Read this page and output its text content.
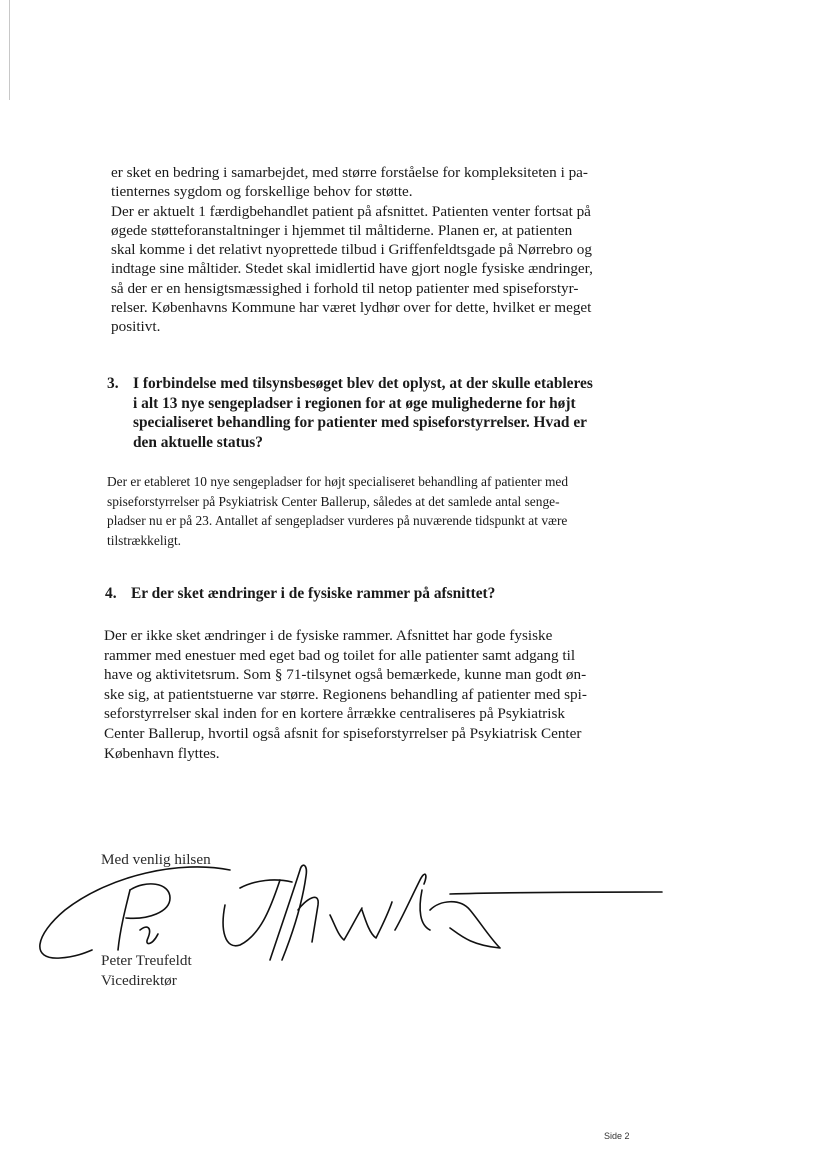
er sket en bedring i samarbejdet, med større forståelse for kompleksiteten i pa-
tienternes sygdom og forskellige behov for støtte.
Der er aktuelt 1 færdigbehandlet patient på afsnittet. Patienten venter fortsat på
øgede støtteforanstaltninger i hjemmet til måltiderne. Planen er, at patienten
skal komme i det relativt nyoprettede tilbud i Griffenfeldtsgade på Nørrebro og
indtage sine måltider. Stedet skal imidlertid have gjort nogle fysiske ændringer,
så der er en hensigtsmæssighed i forhold til netop patienter med spiseforstyr-
relser. Københavns Kommune har været lydhør over for dette, hvilket er meget
positivt.
3. I forbindelse med tilsynsbesøget blev det oplyst, at der skulle etableres
i alt 13 nye sengepladser i regionen for at øge mulighederne for højt
specialiseret behandling for patienter med spiseforstyrrelser. Hvad er
den aktuelle status?
Der er etableret 10 nye sengepladser for højt specialiseret behandling af patienter med
spiseforstyrrelser på Psykiatrisk Center Ballerup, således at det samlede antal senge-
pladser nu er på 23. Antallet af sengepladser vurderes på nuværende tidspunkt at være
tilstrækkeligt.
4. Er der sket ændringer i de fysiske rammer på afsnittet?
Der er ikke sket ændringer i de fysiske rammer. Afsnittet har gode fysiske
rammer med enestuer med eget bad og toilet for alle patienter samt adgang til
have og aktivitetsrum. Som § 71-tilsynet også bemærkede, kunne man godt øn-
ske sig, at patientstuerne var større. Regionens behandling af patienter med spi-
seforstyrrelser skal inden for en kortere årrække centraliseres på Psykiatrisk
Center Ballerup, hvortil også afsnit for spiseforstyrrelser på Psykiatrisk Center
København flyttes.
Med venlig hilsen
Peter Treufeldt
Vicedirektør
Side 2
